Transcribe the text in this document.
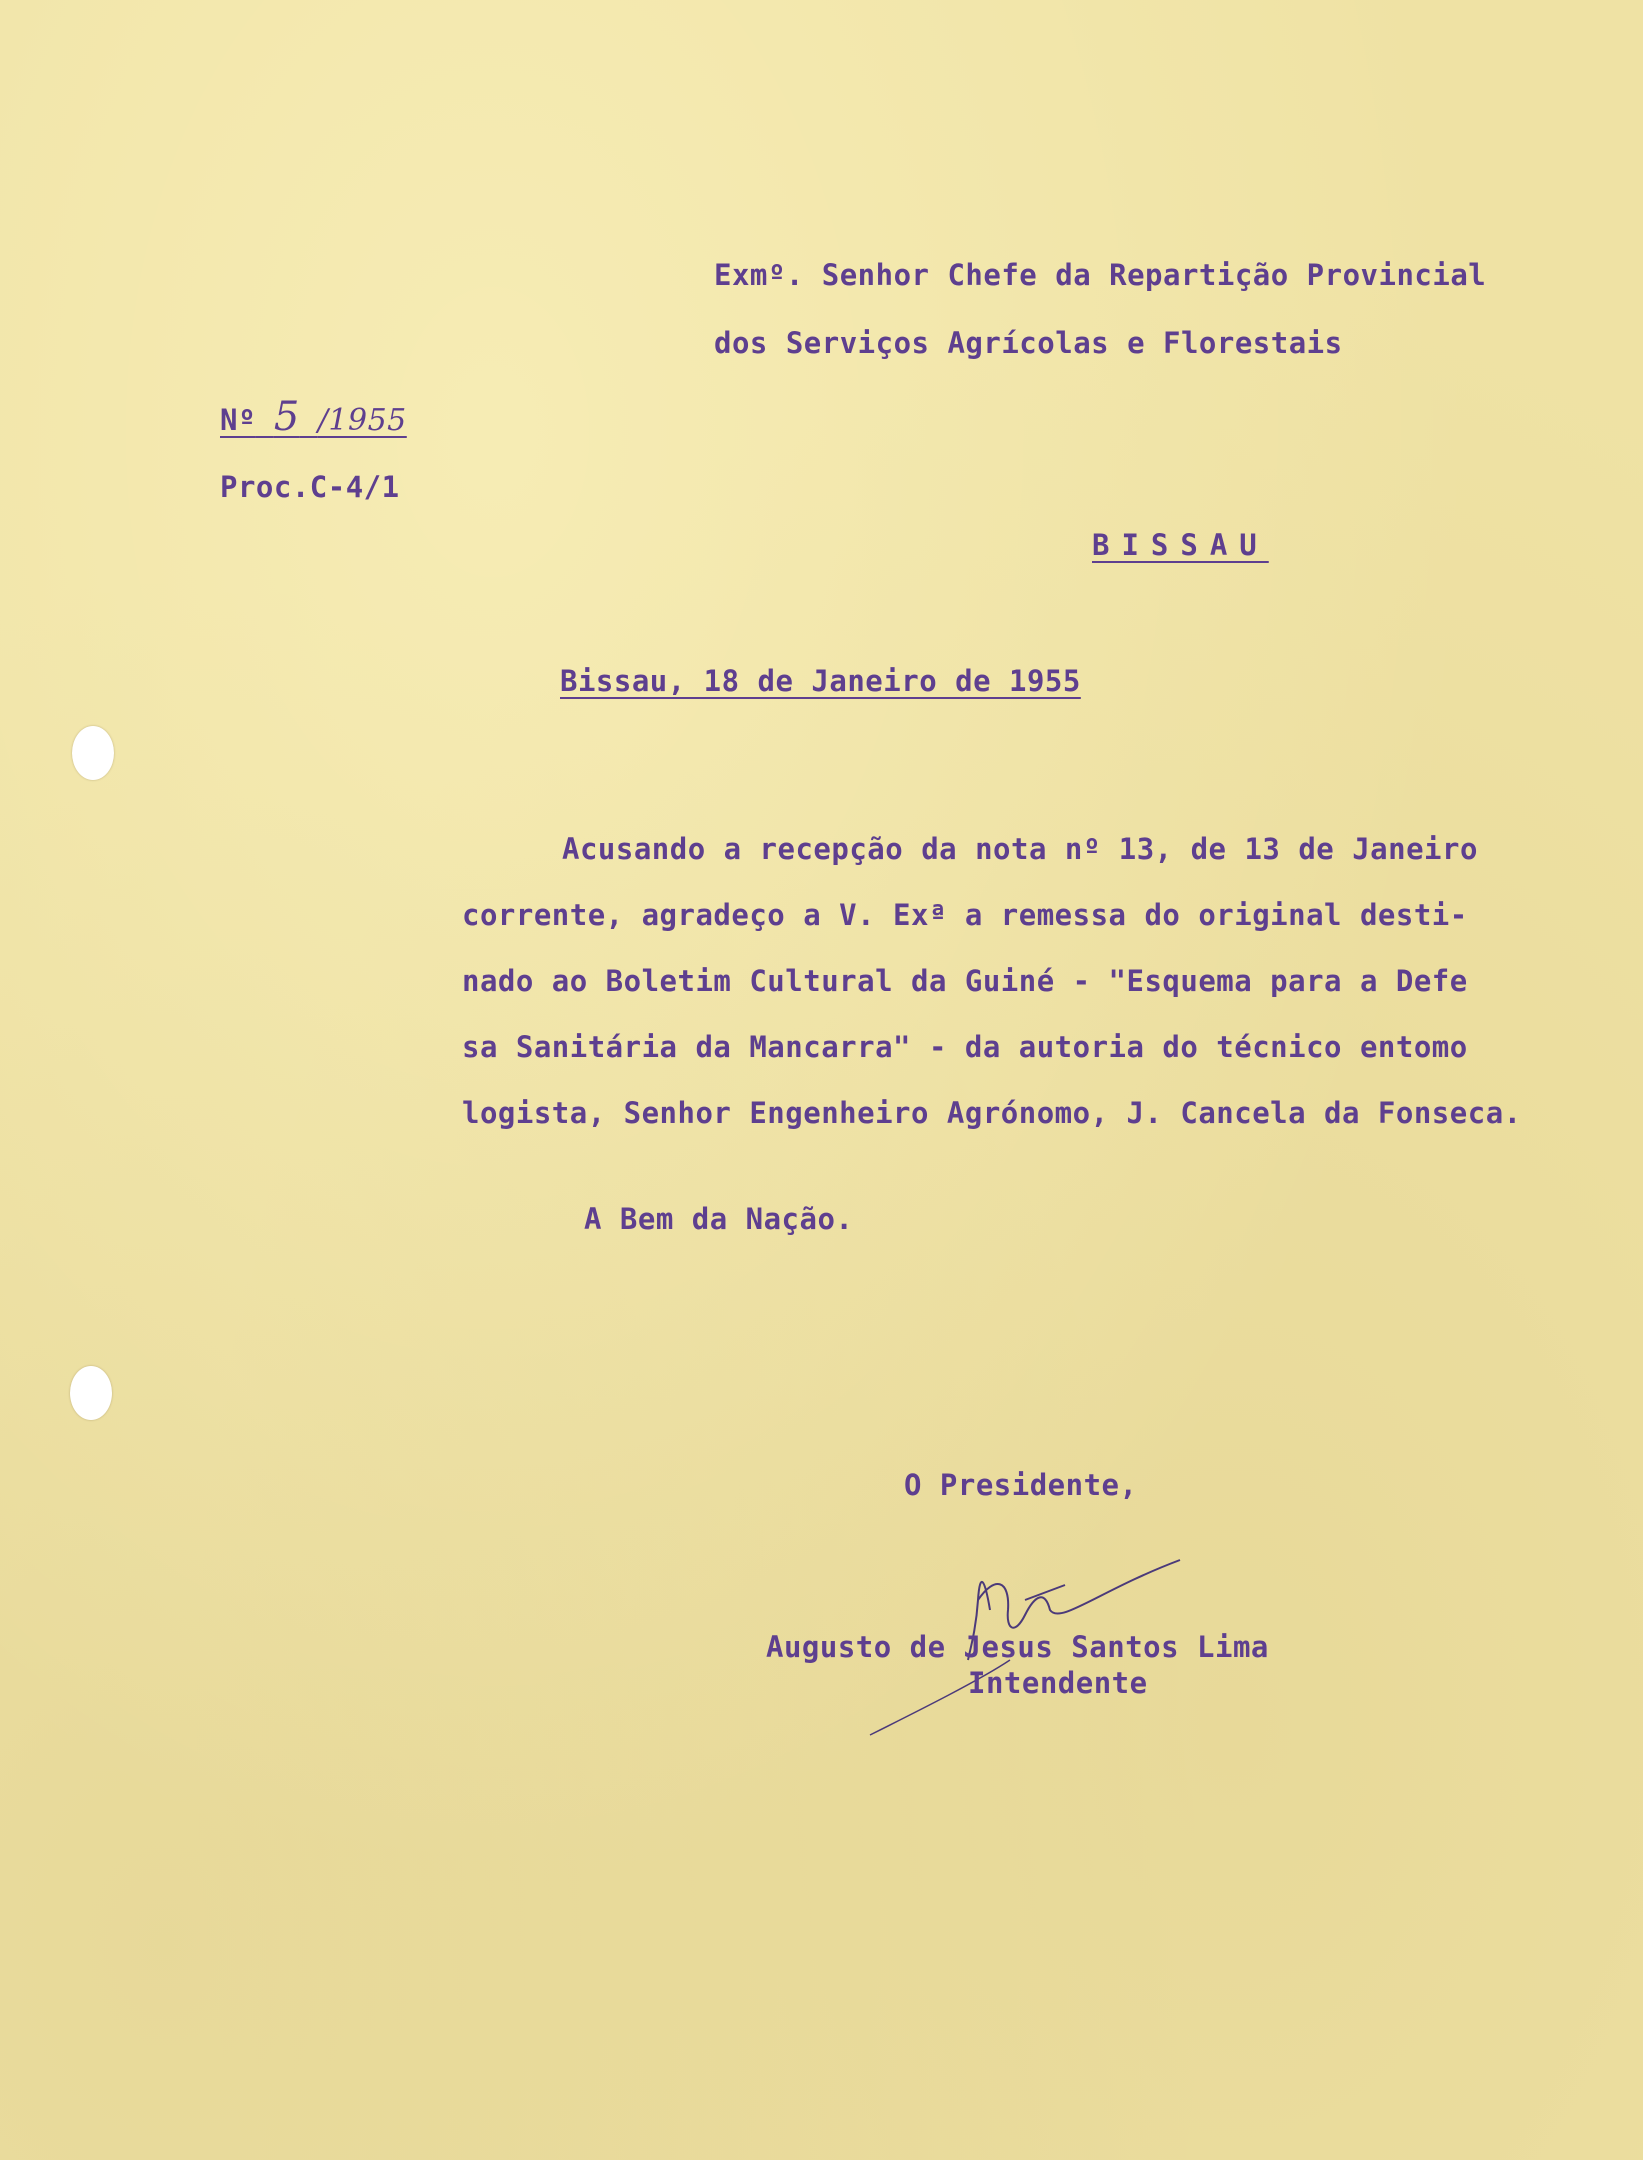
Exmº. Senhor Chefe da Repartição Provincial
dos Serviços Agrícolas e Florestais
Nº 5 /1955
Proc.C-4/1
BISSAU
Bissau, 18 de Janeiro de 1955
Acusando a recepção da nota nº 13, de 13 de Janeiro
corrente, agradeço a V. Exª a remessa do original desti-
nado ao Boletim Cultural da Guiné - "Esquema para a Defe
sa Sanitária da Mancarra" - da autoria do técnico entomo
logista, Senhor Engenheiro Agrónomo, J. Cancela da Fonseca.
A Bem da Nação.
O Presidente,
Augusto de Jesus Santos Lima
Intendente
